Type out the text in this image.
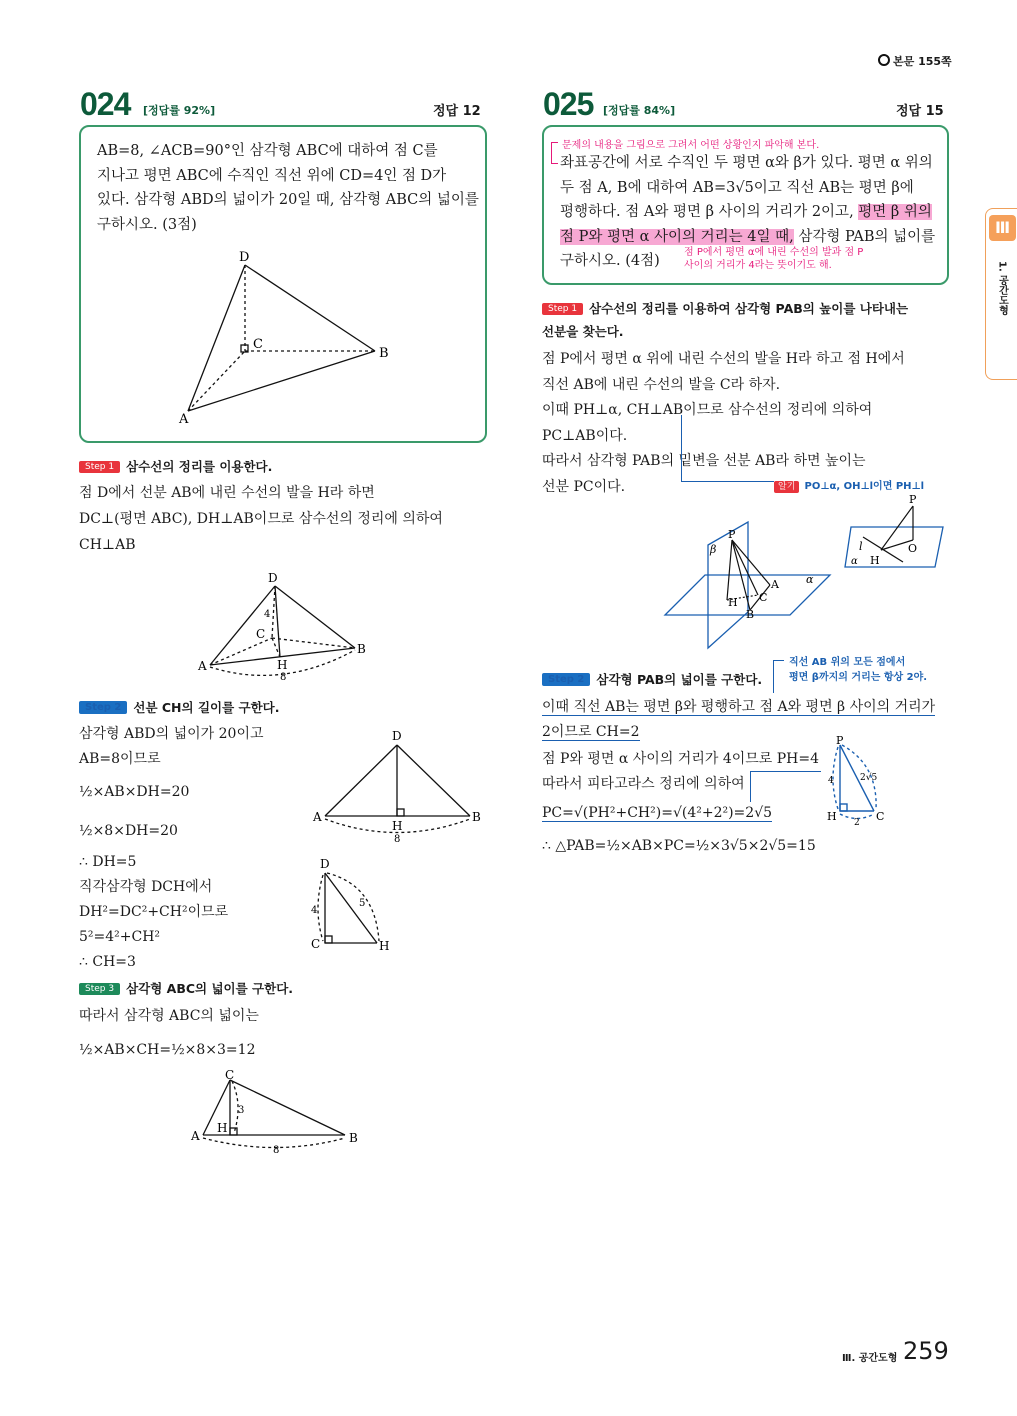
본문 155쪽
024 [정답률 92%]	정답 12
AB=8, ∠ACB=90°인 삼각형 ABC에 대하여 점 C를
지나고 평면 ABC에 수직인 직선 위에 CD=4인 점 D가
있다. 삼각형 ABD의 넓이가 20일 때, 삼각형 ABC의 넓이를
구하시오. (3점)
D
C
B
A
Step 1 삼수선의 정리를 이용한다.
점 D에서 선분 AB에 내린 수선의 발을 H라 하면
DC⊥(평면 ABC), DH⊥AB이므로 삼수선의 정리에 의하여
CH⊥AB
D
C
B
A	H
4
8
Step 2 선분 CH의 길이를 구한다.
삼각형 ABD의 넓이가 20이고
AB=8이므로
½×AB×DH=20
½×8×DH=20
∴ DH=5
직각삼각형 DCH에서
DH²=DC²+CH²이므로
5²=4²+CH²
∴ CH=3
D
A	B
H
8
D
C	H
4
5
Step 3 삼각형 ABC의 넓이를 구한다.
따라서 삼각형 ABC의 넓이는
½×AB×CH=½×8×3=12
C
A	B
H
3
8
025 [정답률 84%]	정답 15
문제의 내용을 그림으로 그려서 어떤 상황인지 파악해 본다.
좌표공간에 서로 수직인 두 평면 α와 β가 있다. 평면 α 위의
두 점 A, B에 대하여 AB=3√5이고 직선 AB는 평면 β에
평행하다. 점 A와 평면 β 사이의 거리가 2이고, 평면 β 위의
점 P와 평면 α 사이의 거리는 4일 때, 삼각형 PAB의 넓이를
구하시오. (4점)
점 P에서 평면 α에 내린 수선의 발과 점 P
사이의 거리가 4라는 뜻이기도 해.
Ⅲ
1. 공간도형
Step 1 삼수선의 정리를 이용하여 삼각형 PAB의 높이를 나타내는
선분을 찾는다.
점 P에서 평면 α 위에 내린 수선의 발을 H라 하고 점 H에서
직선 AB에 내린 수선의 발을 C라 하자.
이때 PH⊥α, CH⊥AB이므로 삼수선의 정리에 의하여
PC⊥AB이다.
따라서 삼각형 PAB의 밑변을 선분 AB라 하면 높이는
선분 PC이다.	알기 PO⊥α, OH⊥l이면 PH⊥l
P
β
A α
H C
B
P
l	O
α H
Step 2 삼각형 PAB의 넓이를 구한다.
직선 AB 위의 모든 점에서
평면 β까지의 거리는 항상 2야.
이때 직선 AB는 평면 β와 평행하고 점 A와 평면 β 사이의 거리가
2이므로 CH=2
점 P와 평면 α 사이의 거리가 4이므로 PH=4
따라서 피타고라스 정리에 의하여
PC=√(PH²+CH²)=√(4²+2²)=2√5
∴ △PAB=½×AB×PC=½×3√5×2√5=15
P
H	C
4
2
2√5
Ⅲ. 공간도형 259
